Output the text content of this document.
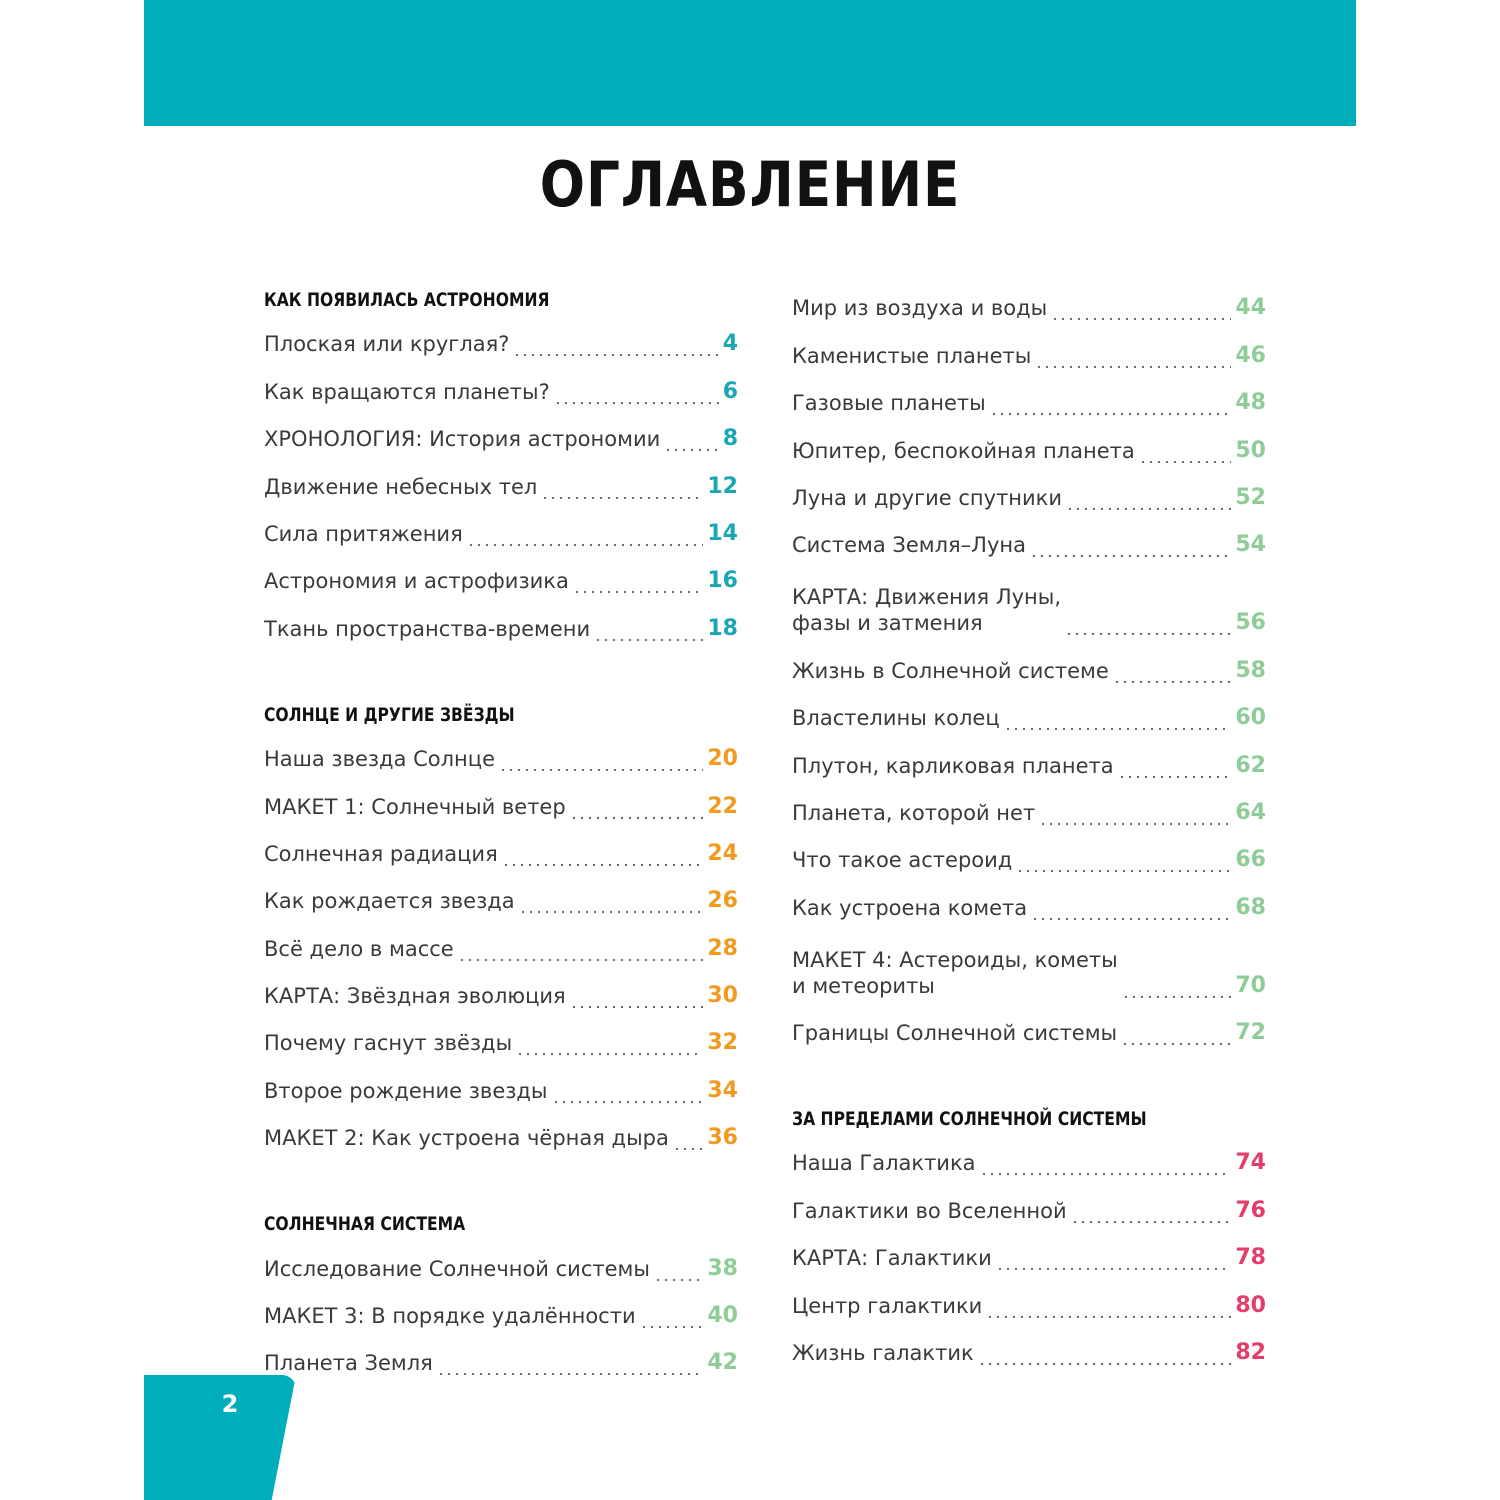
ОГЛАВЛЕНИЕ
КАК ПОЯВИЛАСЬ АСТРОНОМИЯ
Плоская или круглая?	4
Как вращаются планеты?	6
ХРОНОЛОГИЯ: История астрономии	8
Движение небесных тел	12
Сила притяжения	14
Астрономия и астрофизика	16
Ткань пространства-времени	18
СОЛНЦЕ И ДРУГИЕ ЗВЁЗДЫ
Наша звезда Солнце	20
МАКЕТ 1: Солнечный ветер	22
Солнечная радиация	24
Как рождается звезда	26
Всё дело в массе	28
КАРТА: Звёздная эволюция	30
Почему гаснут звёзды	32
Второе рождение звезды	34
МАКЕТ 2: Как устроена чёрная дыра 36
СОЛНЕЧНАЯ СИСТЕМА
Исследование Солнечной системы	38
МАКЕТ 3: В порядке удалённости	40
Планета Земля	42
Мир из воздуха и воды	44
Каменистые планеты	46
Газовые планеты	48
Юпитер, беспокойная планета	50
Луна и другие спутники	52
Система Земля–Луна	54
КАРТА: Движения Луны,
фазы и затмения	56
Жизнь в Солнечной системе	58
Властелины колец	60
Плутон, карликовая планета	62
Планета, которой нет	64
Что такое астероид	66
Как устроена комета	68
МАКЕТ 4: Астероиды, кометы
и метеориты	70
Границы Солнечной системы	72
ЗА ПРЕДЕЛАМИ СОЛНЕЧНОЙ СИСТЕМЫ
Наша Галактика	74
Галактики во Вселенной	76
КАРТА: Галактики	78
Центр галактики	80
Жизнь галактик	82
2
